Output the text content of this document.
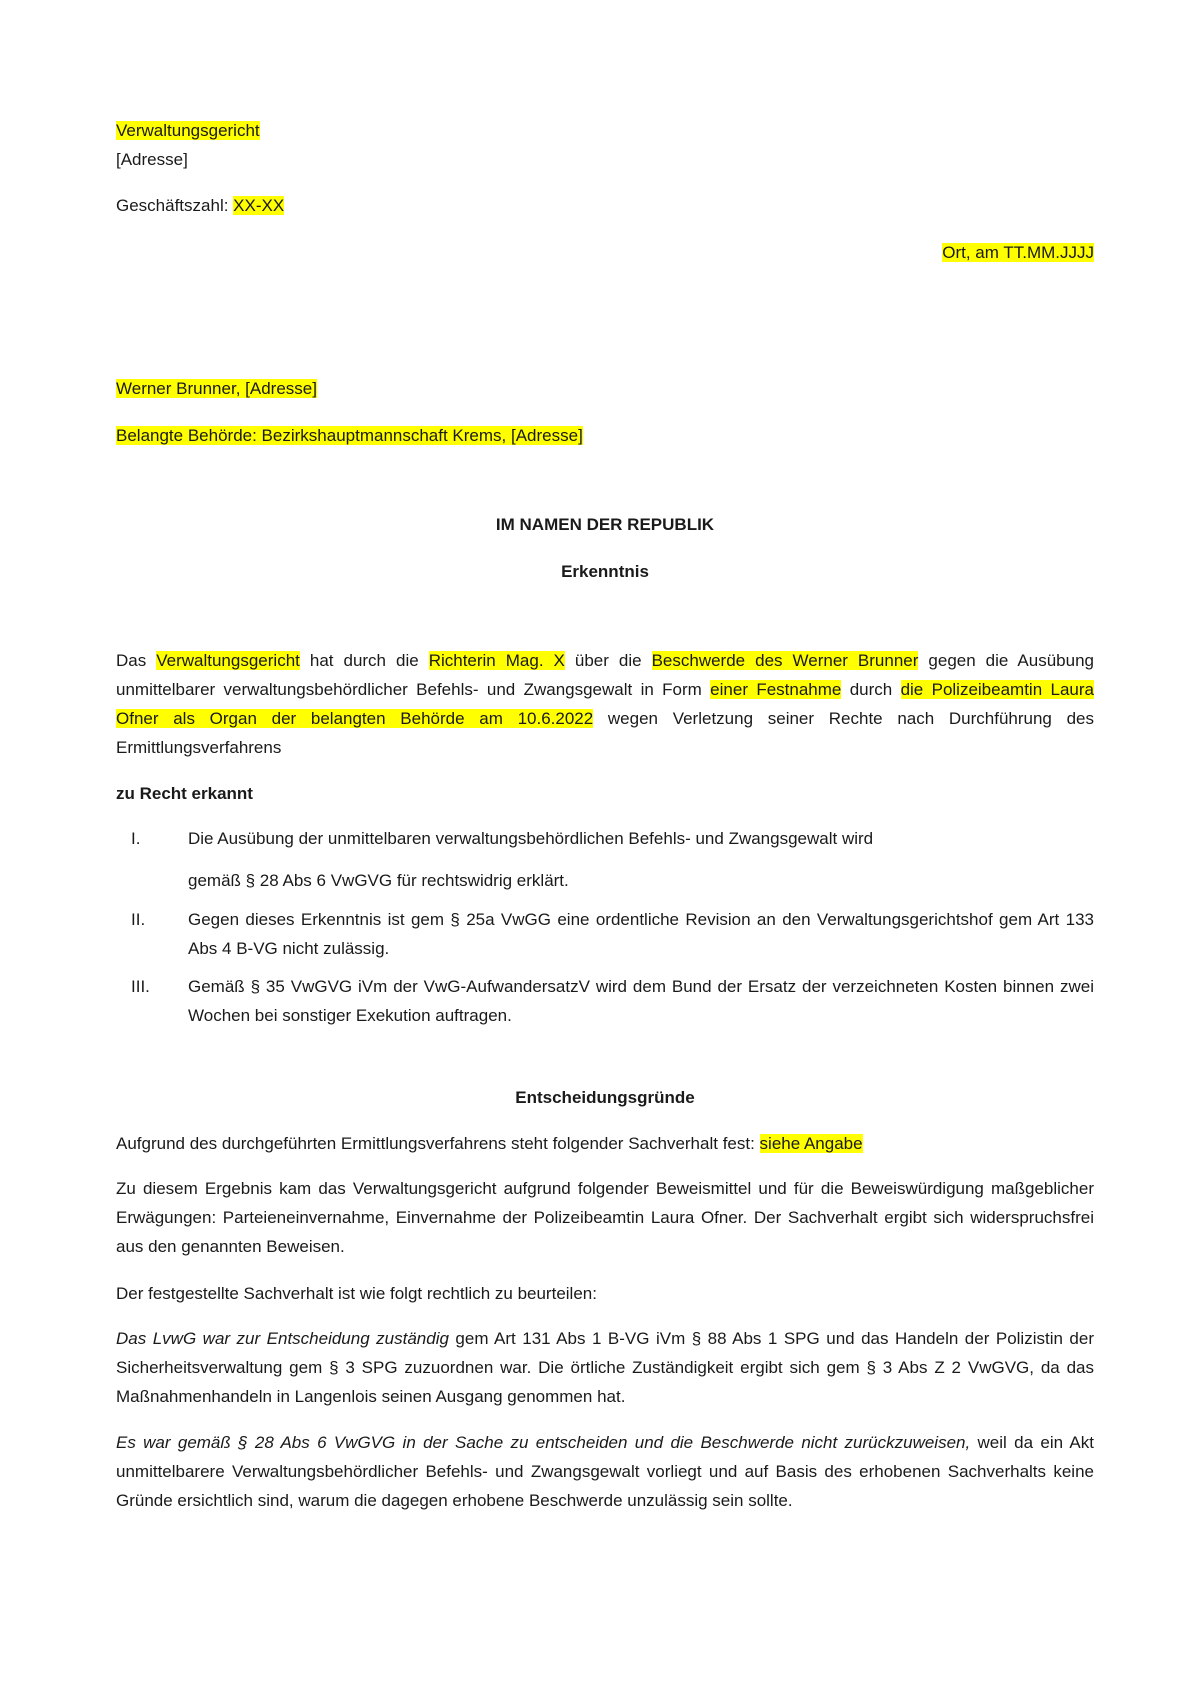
Verwaltungsgericht

[Adresse]

Geschäftszahl: XX-XX

Ort, am TT.MM.JJJJ

Werner Brunner, [Adresse]

Belangte Behörde: Bezirkshauptmannschaft Krems, [Adresse]

IM NAMEN DER REPUBLIK

Erkenntnis

Das Verwaltungsgericht hat durch die Richterin Mag. X über die Beschwerde des Werner Brunner gegen die Ausübung unmittelbarer verwaltungsbehördlicher Befehls- und Zwangsgewalt in Form einer Festnahme durch die Polizeibeamtin Laura Ofner als Organ der belangten Behörde am 10.6.2022 wegen Verletzung seiner Rechte nach Durchführung des Ermittlungsverfahrens

zu Recht erkannt

I.	Die Ausübung der unmittelbaren verwaltungsbehördlichen Befehls- und Zwangsgewalt wird
gemäß § 28 Abs 6 VwGVG für rechtswidrig erklärt.
II.	Gegen dieses Erkenntnis ist gem § 25a VwGG eine ordentliche Revision an den Verwaltungsgerichtshof gem Art 133 Abs 4 B-VG nicht zulässig.
III.	Gemäß § 35 VwGVG iVm der VwG-AufwandersatzV wird dem Bund der Ersatz der verzeichneten Kosten binnen zwei Wochen bei sonstiger Exekution auftragen.

Entscheidungsgründe

Aufgrund des durchgeführten Ermittlungsverfahrens steht folgender Sachverhalt fest: siehe Angabe

Zu diesem Ergebnis kam das Verwaltungsgericht aufgrund folgender Beweismittel und für die Beweiswürdigung maßgeblicher Erwägungen: Parteieneinvernahme, Einvernahme der Polizeibeamtin Laura Ofner. Der Sachverhalt ergibt sich widerspruchsfrei aus den genannten Beweisen.

Der festgestellte Sachverhalt ist wie folgt rechtlich zu beurteilen:

Das LvwG war zur Entscheidung zuständig gem Art 131 Abs 1 B-VG iVm § 88 Abs 1 SPG und das Handeln der Polizistin der Sicherheitsverwaltung gem § 3 SPG zuzuordnen war. Die örtliche Zuständigkeit ergibt sich gem § 3 Abs Z 2 VwGVG, da das Maßnahmenhandeln in Langenlois seinen Ausgang genommen hat.

Es war gemäß § 28 Abs 6 VwGVG in der Sache zu entscheiden und die Beschwerde nicht zurückzuweisen, weil da ein Akt unmittelbarere Verwaltungsbehördlicher Befehls- und Zwangsgewalt vorliegt und auf Basis des erhobenen Sachverhalts keine Gründe ersichtlich sind, warum die dagegen erhobene Beschwerde unzulässig sein sollte.
